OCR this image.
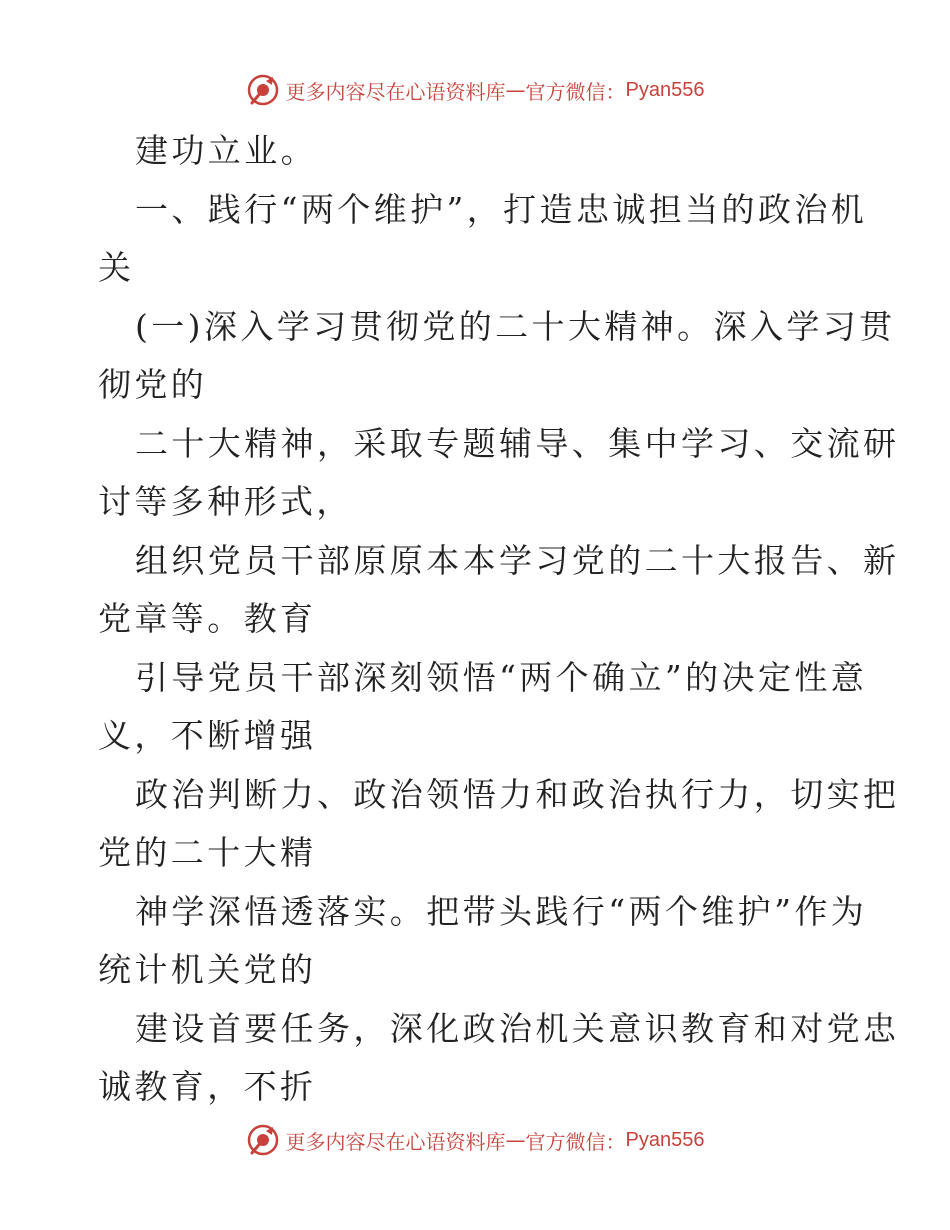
更多内容尽在心语资料库 — 官方微信： Pyan556
建功立业。
一、践行“两个维护”，打造忠诚担当的政治机
关
(一)深入学习贯彻党的二十大精神。深入学习贯
彻党的
二十大精神，采取专题辅导、集中学习、交流研
讨等多种形式，
组织党员干部原原本本学习党的二十大报告、新
党章等。教育
引导党员干部深刻领悟“两个确立”的决定性意
义，不断增强
政治判断力、政治领悟力和政治执行力，切实把
党的二十大精
神学深悟透落实。把带头践行“两个维护”作为
统计机关党的
建设首要任务，深化政治机关意识教育和对党忠
诚教育，不折
更多内容尽在心语资料库 — 官方微信： Pyan556
